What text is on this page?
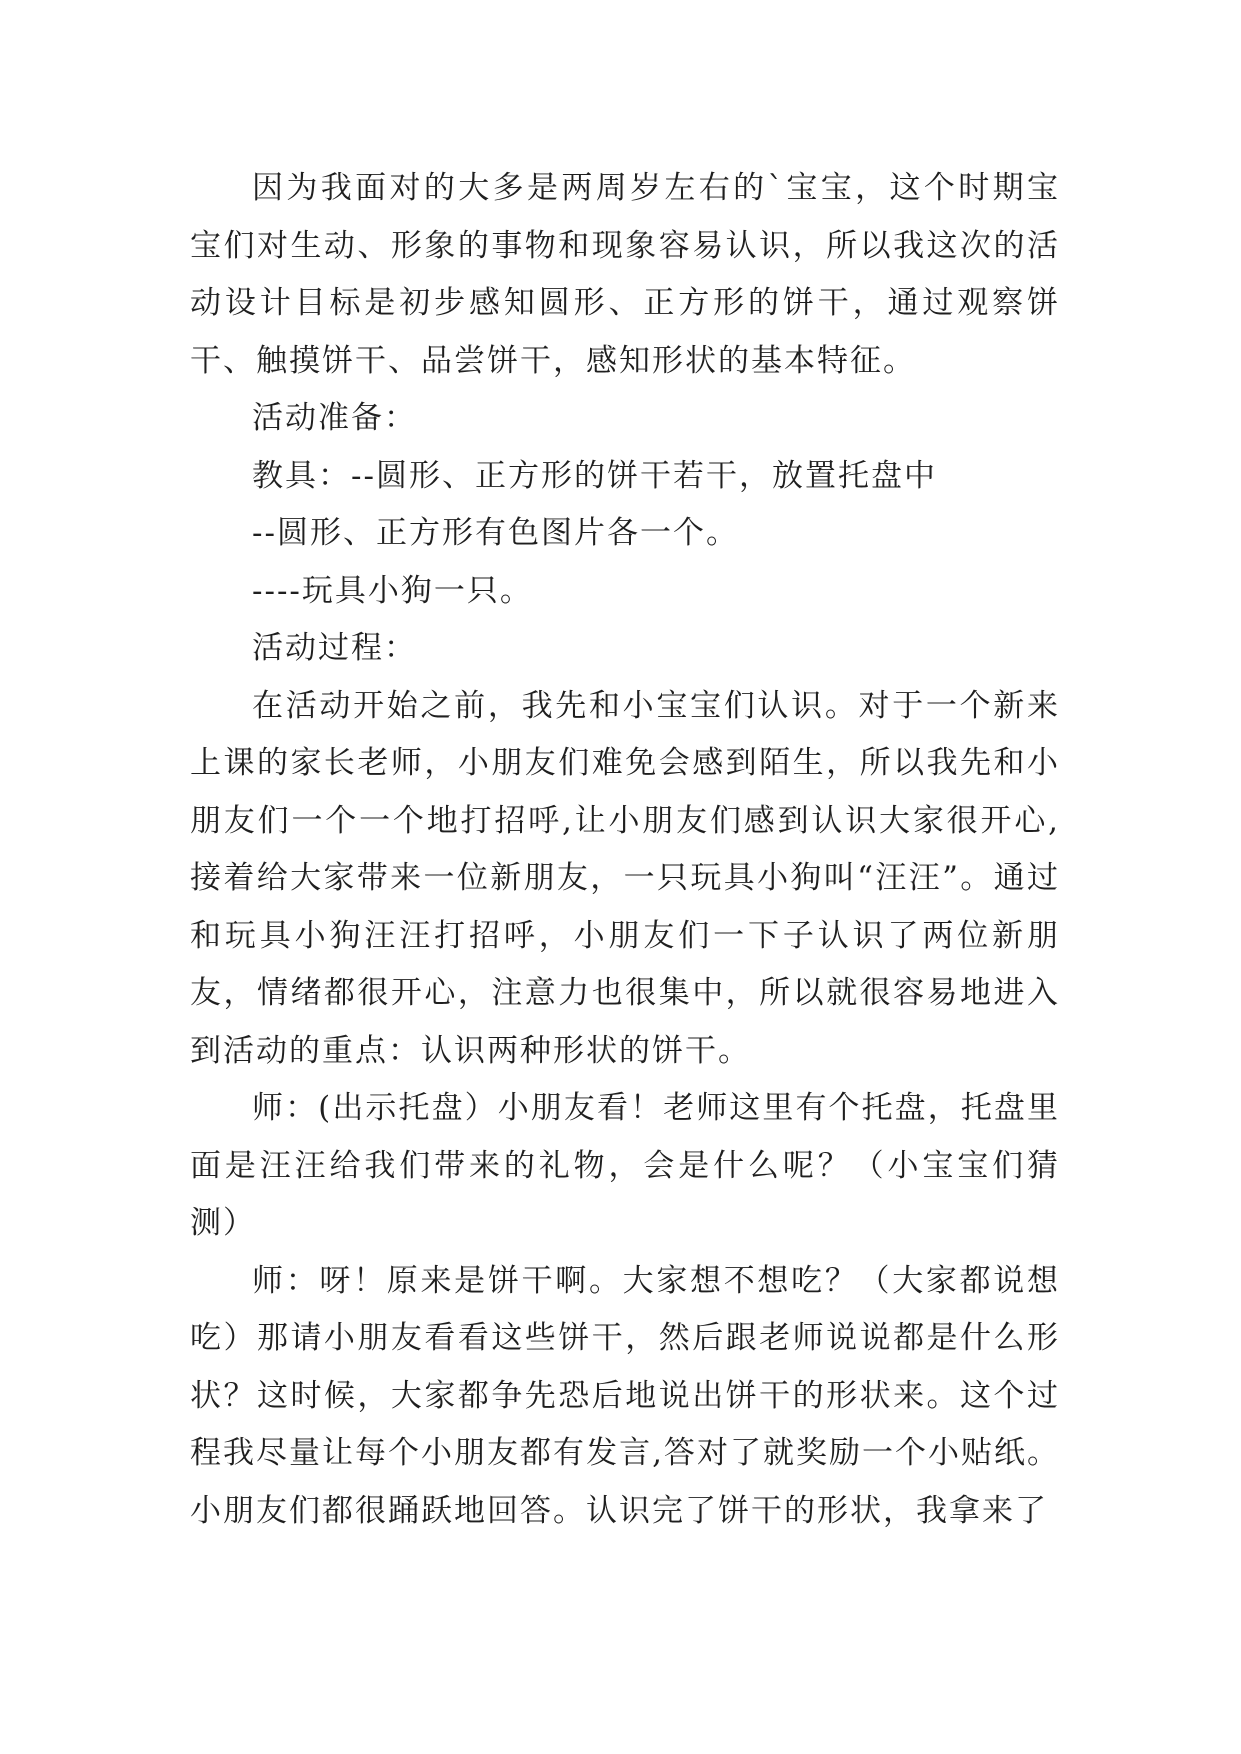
因为我面对的大多是两周岁左右的`宝宝，这个时期宝宝们对生动、形象的事物和现象容易认识，所以我这次的活动设计目标是初步感知圆形、正方形的饼干，通过观察饼干、触摸饼干、品尝饼干，感知形状的基本特征。

活动准备：

教具：--圆形、正方形的饼干若干，放置托盘中

--圆形、正方形有色图片各一个。

----玩具小狗一只。

活动过程：

在活动开始之前，我先和小宝宝们认识。对于一个新来上课的家长老师，小朋友们难免会感到陌生，所以我先和小朋友们一个一个地打招呼,让小朋友们感到认识大家很开心,接着给大家带来一位新朋友，一只玩具小狗叫“汪汪”。通过和玩具小狗汪汪打招呼，小朋友们一下子认识了两位新朋友，情绪都很开心，注意力也很集中，所以就很容易地进入到活动的重点：认识两种形状的饼干。

师：(出示托盘）小朋友看！老师这里有个托盘，托盘里面是汪汪给我们带来的礼物，会是什么呢？（小宝宝们猜测）

师：呀！原来是饼干啊。大家想不想吃？（大家都说想吃）那请小朋友看看这些饼干，然后跟老师说说都是什么形状？这时候，大家都争先恐后地说出饼干的形状来。这个过程我尽量让每个小朋友都有发言,答对了就奖励一个小贴纸。小朋友们都很踊跃地回答。认识完了饼干的形状，我拿来了
